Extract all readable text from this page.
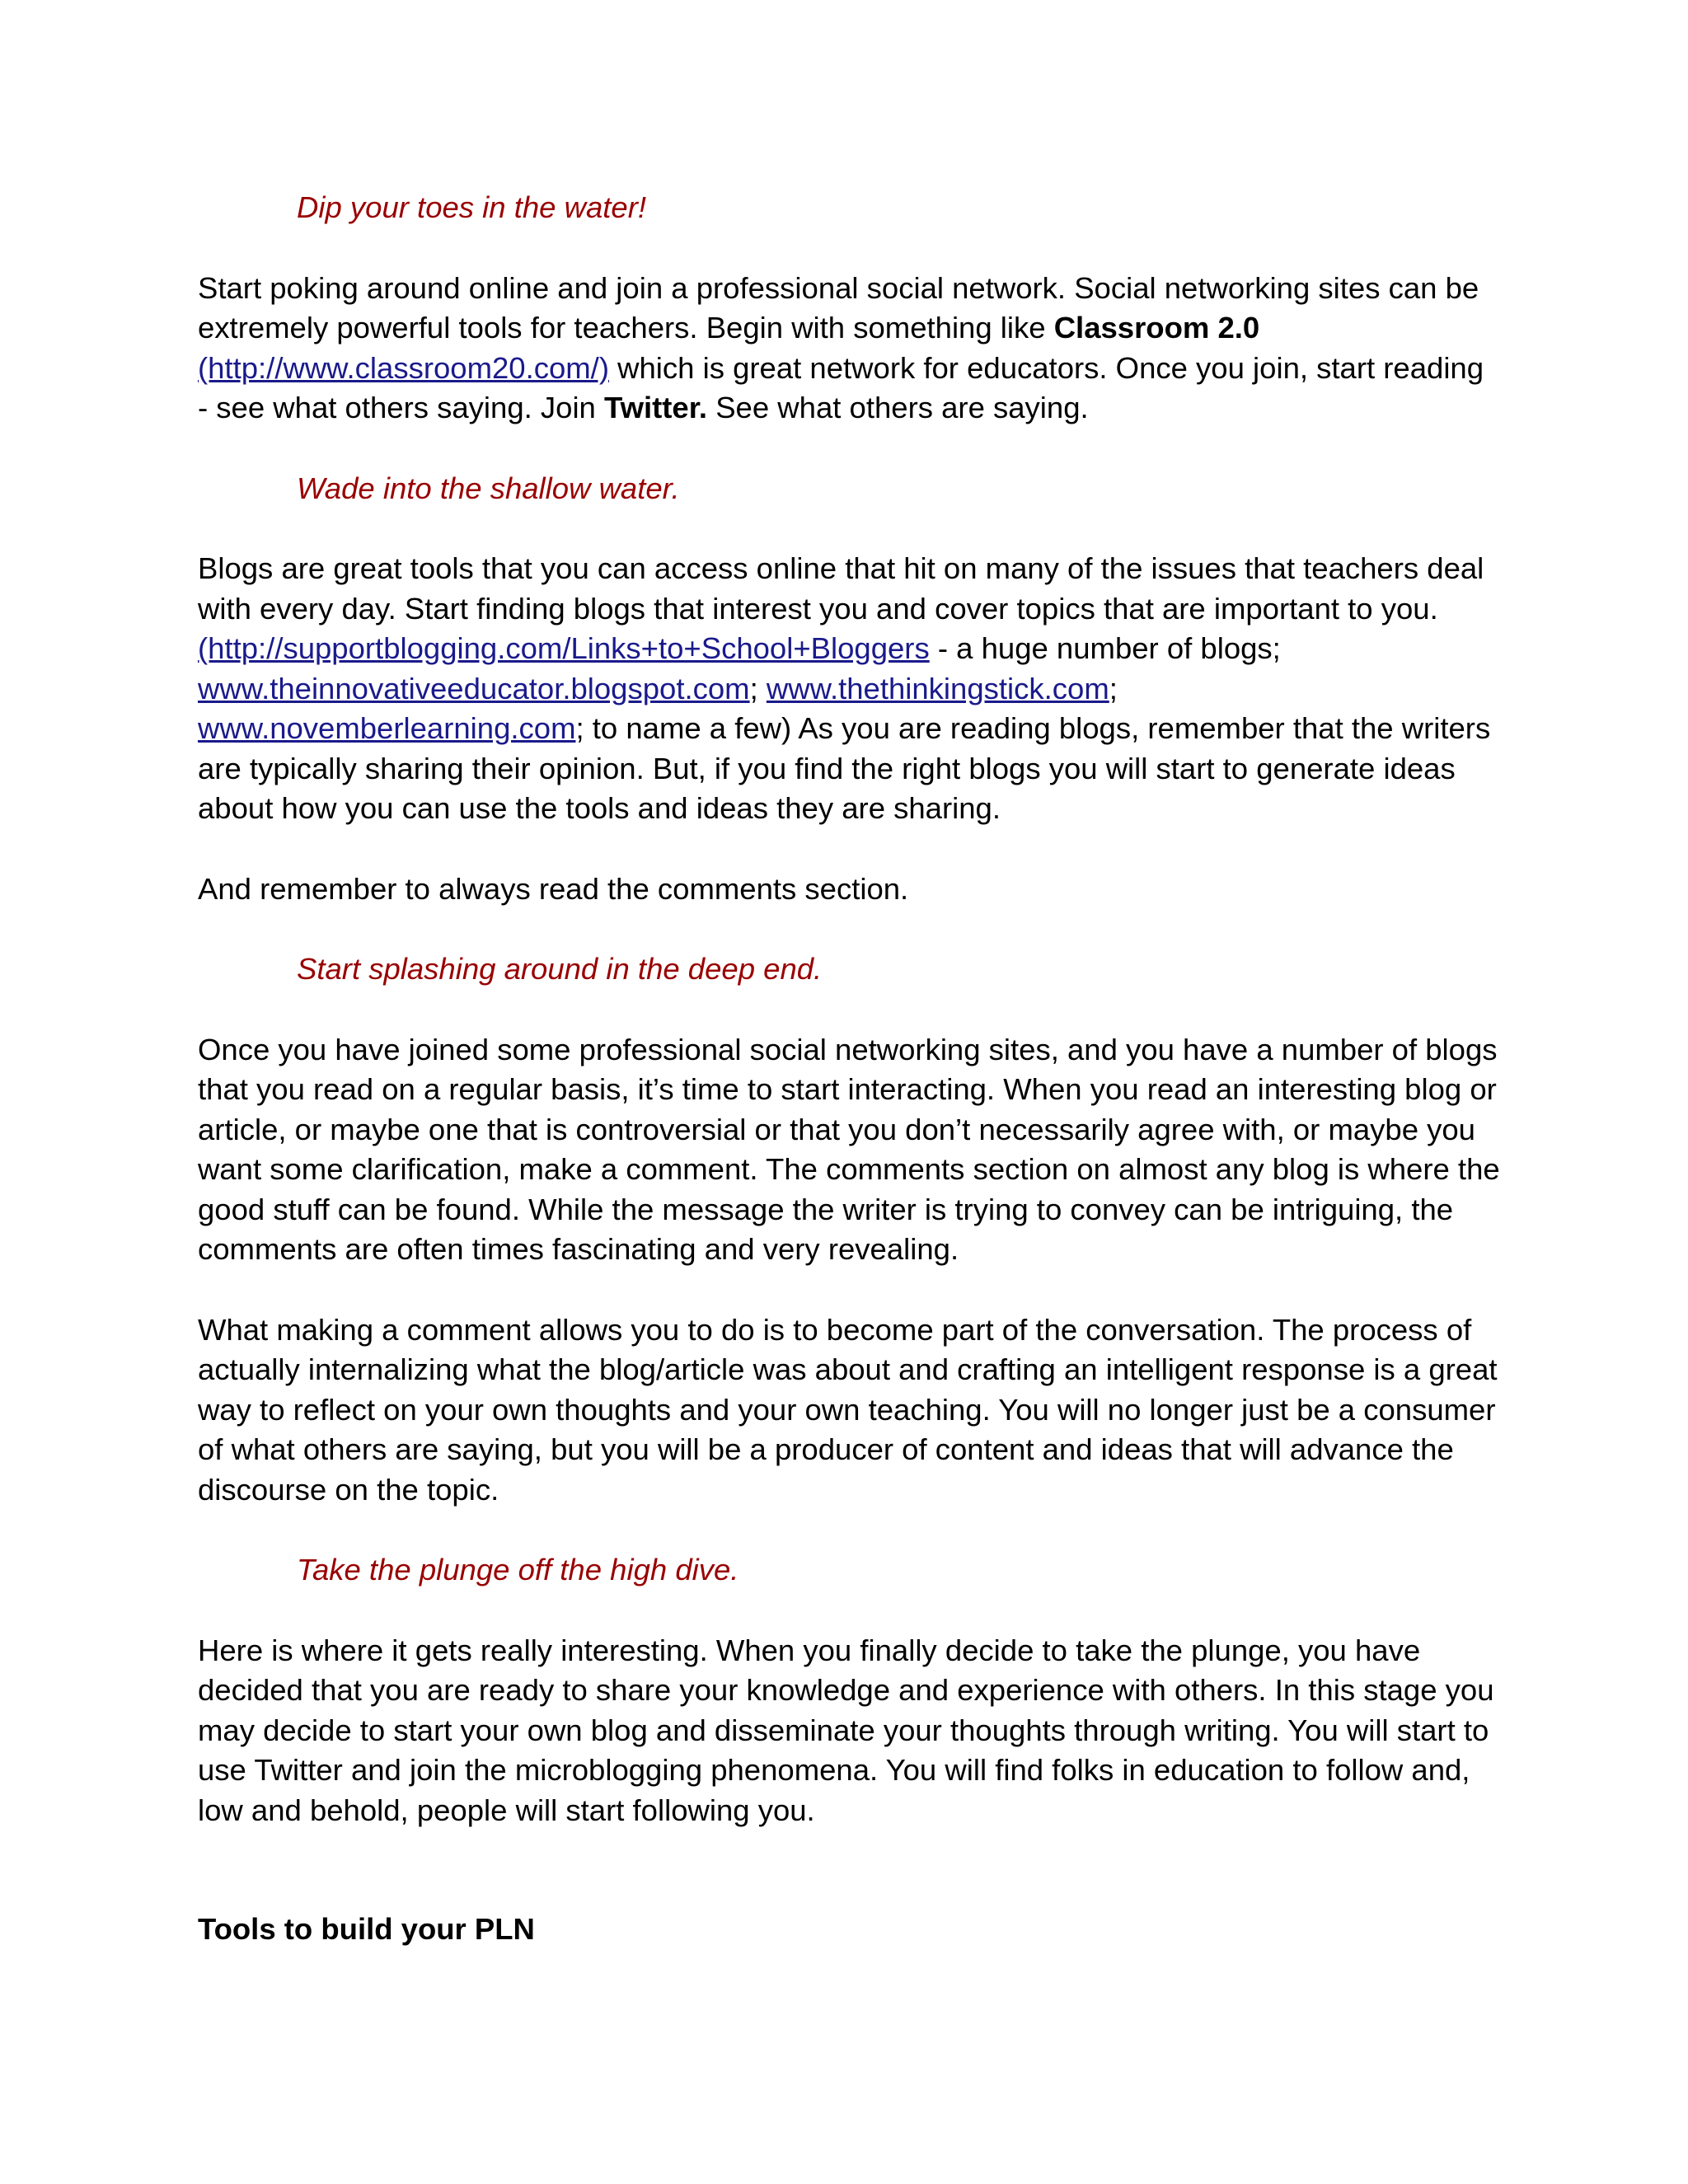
Dip your toes in the water!

Start poking around online and join a professional social network. Social networking sites can be extremely powerful tools for teachers. Begin with something like Classroom 2.0 (http://www.classroom20.com/) which is great network for educators. Once you join, start reading - see what others saying. Join Twitter. See what others are saying.

Wade into the shallow water.

Blogs are great tools that you can access online that hit on many of the issues that teachers deal with every day. Start finding blogs that interest you and cover topics that are important to you. (http://supportblogging.com/Links+to+School+Bloggers - a huge number of blogs; www.theinnovativeeducator.blogspot.com; www.thethinkingstick.com; www.novemberlearning.com; to name a few) As you are reading blogs, remember that the writers are typically sharing their opinion. But, if you find the right blogs you will start to generate ideas about how you can use the tools and ideas they are sharing.

And remember to always read the comments section.

Start splashing around in the deep end.

Once you have joined some professional social networking sites, and you have a number of blogs that you read on a regular basis, it’s time to start interacting. When you read an interesting blog or article, or maybe one that is controversial or that you don’t necessarily agree with, or maybe you want some clarification, make a comment. The comments section on almost any blog is where the good stuff can be found. While the message the writer is trying to convey can be intriguing, the comments are often times fascinating and very revealing.

What making a comment allows you to do is to become part of the conversation. The process of actually internalizing what the blog/article was about and crafting an intelligent response is a great way to reflect on your own thoughts and your own teaching. You will no longer just be a consumer of what others are saying, but you will be a producer of content and ideas that will advance the discourse on the topic.

Take the plunge off the high dive.

Here is where it gets really interesting. When you finally decide to take the plunge, you have decided that you are ready to share your knowledge and experience with others. In this stage you may decide to start your own blog and disseminate your thoughts through writing. You will start to use Twitter and join the microblogging phenomena. You will find folks in education to follow and, low and behold, people will start following you.

Tools to build your PLN
